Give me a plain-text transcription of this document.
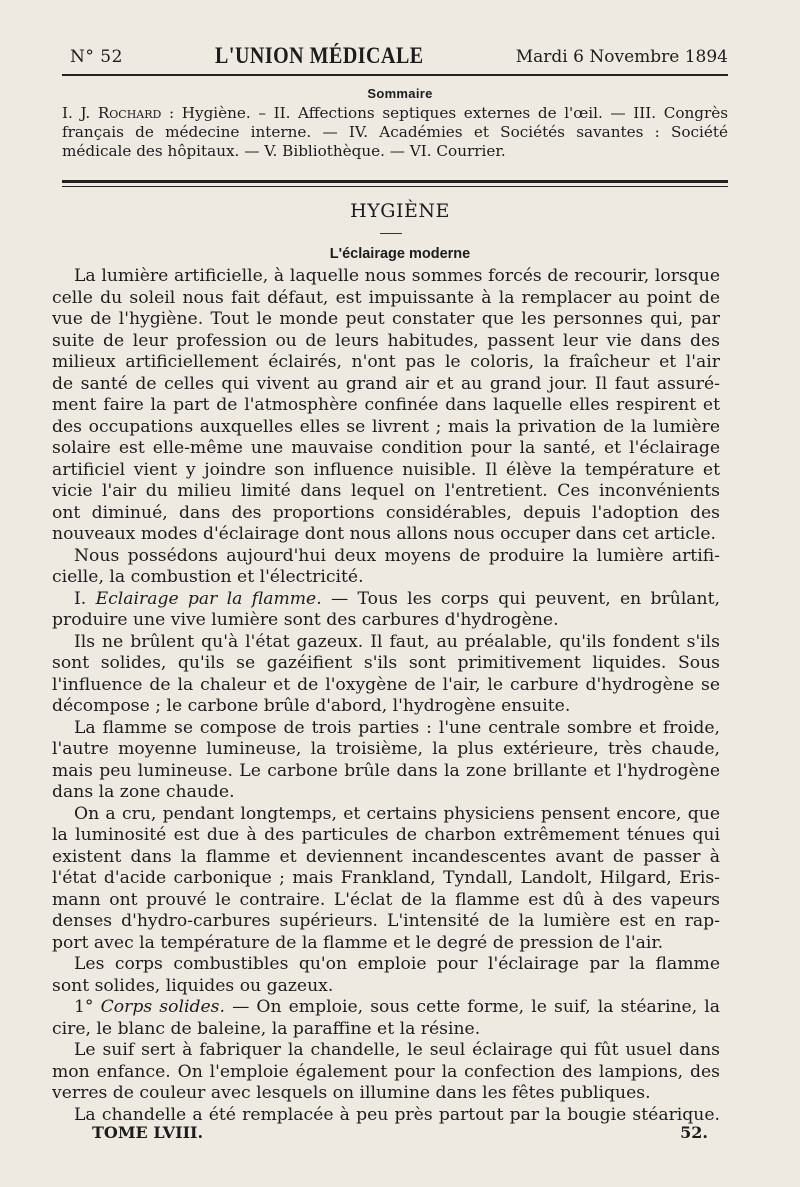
N° 52	L'UNION MÉDICALE	Mardi 6 Novembre 1894
Sommaire
I. J. Rochard : Hygiène. – II. Affections septiques externes de l'œil. — III. Congrès français de médecine interne. — IV. Académies et Sociétés savantes : Société médicale des hôpitaux. — V. Bibliothèque. — VI. Courrier.
HYGIÈNE
L'éclairage moderne
La lumière artificielle, à laquelle nous sommes forcés de recourir, lorsque
celle du soleil nous fait défaut, est impuissante à la remplacer au point de
vue de l'hygiène. Tout le monde peut constater que les personnes qui, par
suite de leur profession ou de leurs habitudes, passent leur vie dans des
milieux artificiellement éclairés, n'ont pas le coloris, la fraîcheur et l'air
de santé de celles qui vivent au grand air et au grand jour. Il faut assuré-
ment faire la part de l'atmosphère confinée dans laquelle elles respirent et
des occupations auxquelles elles se livrent ; mais la privation de la lumière
solaire est elle-même une mauvaise condition pour la santé, et l'éclairage
artificiel vient y joindre son influence nuisible. Il élève la température et
vicie l'air du milieu limité dans lequel on l'entretient. Ces inconvénients
ont diminué, dans des proportions considérables, depuis l'adoption des
nouveaux modes d'éclairage dont nous allons nous occuper dans cet article.
Nous possédons aujourd'hui deux moyens de produire la lumière artifi-
cielle, la combustion et l'électricité.
I. Eclairage par la flamme. — Tous les corps qui peuvent, en brûlant,
produire une vive lumière sont des carbures d'hydrogène.
Ils ne brûlent qu'à l'état gazeux. Il faut, au préalable, qu'ils fondent s'ils
sont solides, qu'ils se gazéifient s'ils sont primitivement liquides. Sous
l'influence de la chaleur et de l'oxygène de l'air, le carbure d'hydrogène se
décompose ; le carbone brûle d'abord, l'hydrogène ensuite.
La flamme se compose de trois parties : l'une centrale sombre et froide,
l'autre moyenne lumineuse, la troisième, la plus extérieure, très chaude,
mais peu lumineuse. Le carbone brûle dans la zone brillante et l'hydrogène
dans la zone chaude.
On a cru, pendant longtemps, et certains physiciens pensent encore, que
la luminosité est due à des particules de charbon extrêmement ténues qui
existent dans la flamme et deviennent incandescentes avant de passer à
l'état d'acide carbonique ; mais Frankland, Tyndall, Landolt, Hilgard, Eris-
mann ont prouvé le contraire. L'éclat de la flamme est dû à des vapeurs
denses d'hydro-carbures supérieurs. L'intensité de la lumière est en rap-
port avec la température de la flamme et le degré de pression de l'air.
Les corps combustibles qu'on emploie pour l'éclairage par la flamme
sont solides, liquides ou gazeux.
1° Corps solides. — On emploie, sous cette forme, le suif, la stéarine, la
cire, le blanc de baleine, la paraffine et la résine.
Le suif sert à fabriquer la chandelle, le seul éclairage qui fût usuel dans
mon enfance. On l'emploie également pour la confection des lampions, des
verres de couleur avec lesquels on illumine dans les fêtes publiques.
La chandelle a été remplacée à peu près partout par la bougie stéarique.
TOME LVIII.	52.
